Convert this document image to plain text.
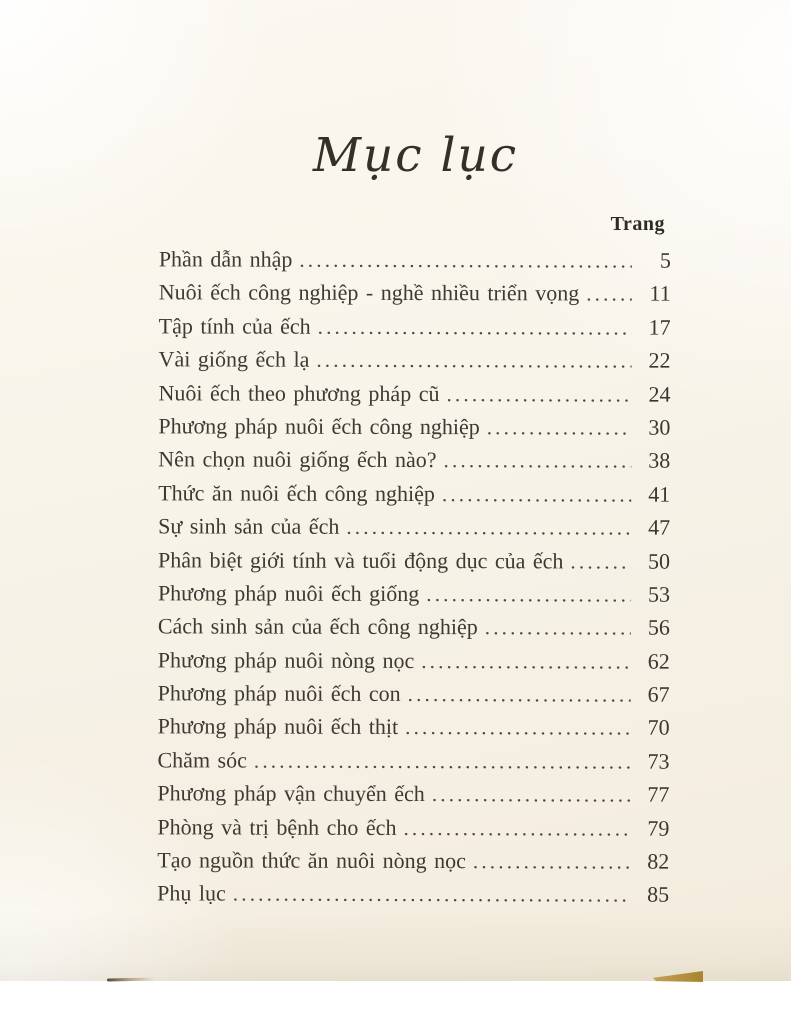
Mục lục
Trang
Phần dẫn nhập .....	5
Nuôi ếch công nghiệp - nghề nhiều triển vọng .....	11
Tập tính của ếch .....	17
Vài giống ếch lạ .....	22
Nuôi ếch theo phương pháp cũ .....	24
Phương pháp nuôi ếch công nghiệp .....	30
Nên chọn nuôi giống ếch nào? .....	38
Thức ăn nuôi ếch công nghiệp .....	41
Sự sinh sản của ếch .....	47
Phân biệt giới tính và tuổi động dục của ếch .....	50
Phương pháp nuôi ếch giống .....	53
Cách sinh sản của ếch công nghiệp .....	56
Phương pháp nuôi nòng nọc .....	62
Phương pháp nuôi ếch con .....	67
Phương pháp nuôi ếch thịt .....	70
Chăm sóc .....	73
Phương pháp vận chuyển ếch .....	77
Phòng và trị bệnh cho ếch .....	79
Tạo nguồn thức ăn nuôi nòng nọc .....	82
Phụ lục .....	85
